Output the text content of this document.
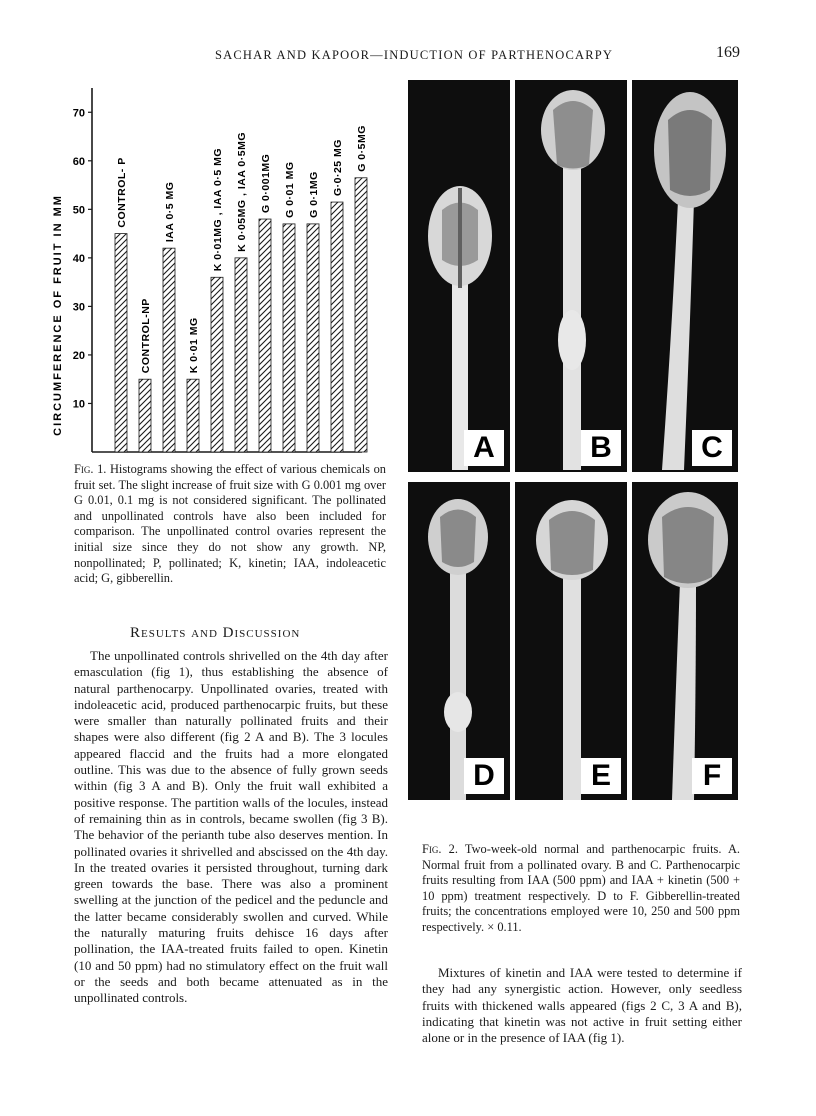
SACHAR AND KAPOOR—INDUCTION OF PARTHENOCARPY	169
10
20
30
40
50
60
70
CIRCUMFERENCE OF FRUIT IN MM
CONTROL- P
CONTROL-NP
IAA 0·5 MG
K 0·01 MG
K 0·01MG , IAA 0·5 MG K 0·05MG , IAA 0·5MG G 0·001MG G 0·01 MG G 0·1MG G·0·25 MG G 0·5MG
Fig. 1. Histograms showing the effect of various chemicals on fruit set. The slight increase of fruit size with G 0.001 mg over G 0.01, 0.1 mg is not considered significant. The pollinated and unpollinated controls have also been included for comparison. The unpollinated control ovaries represent the initial size since they do not show any growth. NP, nonpollinated; P, pollinated; K, kinetin; IAA, indoleacetic acid; G, gibberellin.
Results and Discussion
The unpollinated controls shrivelled on the 4th day after emasculation (fig 1), thus establishing the absence of natural parthenocarpy. Unpollinated ovaries, treated with indoleacetic acid, produced parthenocarpic fruits, but these were smaller than naturally pollinated fruits and their shapes were also different (fig 2 A and B). The 3 locules appeared flaccid and the fruits had a more elongated outline. This was due to the absence of fully grown seeds within (fig 3 A and B). Only the fruit wall exhibited a positive response. The partition walls of the locules, instead of remaining thin as in controls, became swollen (fig 3 B). The behavior of the perianth tube also deserves mention. In pollinated ovaries it shrivelled and abscissed on the 4th day. In the treated ovaries it persisted throughout, turning dark green towards the base. There was also a prominent swelling at the junction of the pedicel and the peduncle and the latter became considerably swollen and curved. While the naturally maturing fruits dehisce 16 days after pollination, the IAA-treated fruits failed to open. Kinetin (10 and 50 ppm) had no stimulatory effect on the fruit wall or the seeds and both became attenuated as in the unpollinated controls.
A	B	C
D	E	F
Fig. 2. Two-week-old normal and parthenocarpic fruits. A. Normal fruit from a pollinated ovary. B and C. Parthenocarpic fruits resulting from IAA (500 ppm) and IAA + kinetin (500 + 10 ppm) treatment respectively. D to F. Gibberellin-treated fruits; the concentrations employed were 10, 250 and 500 ppm respectively. × 0.11.
Mixtures of kinetin and IAA were tested to determine if they had any synergistic action. However, only seedless fruits with thickened walls appeared (figs 2 C, 3 A and B), indicating that kinetin was not active in fruit setting either alone or in the presence of IAA (fig 1).
